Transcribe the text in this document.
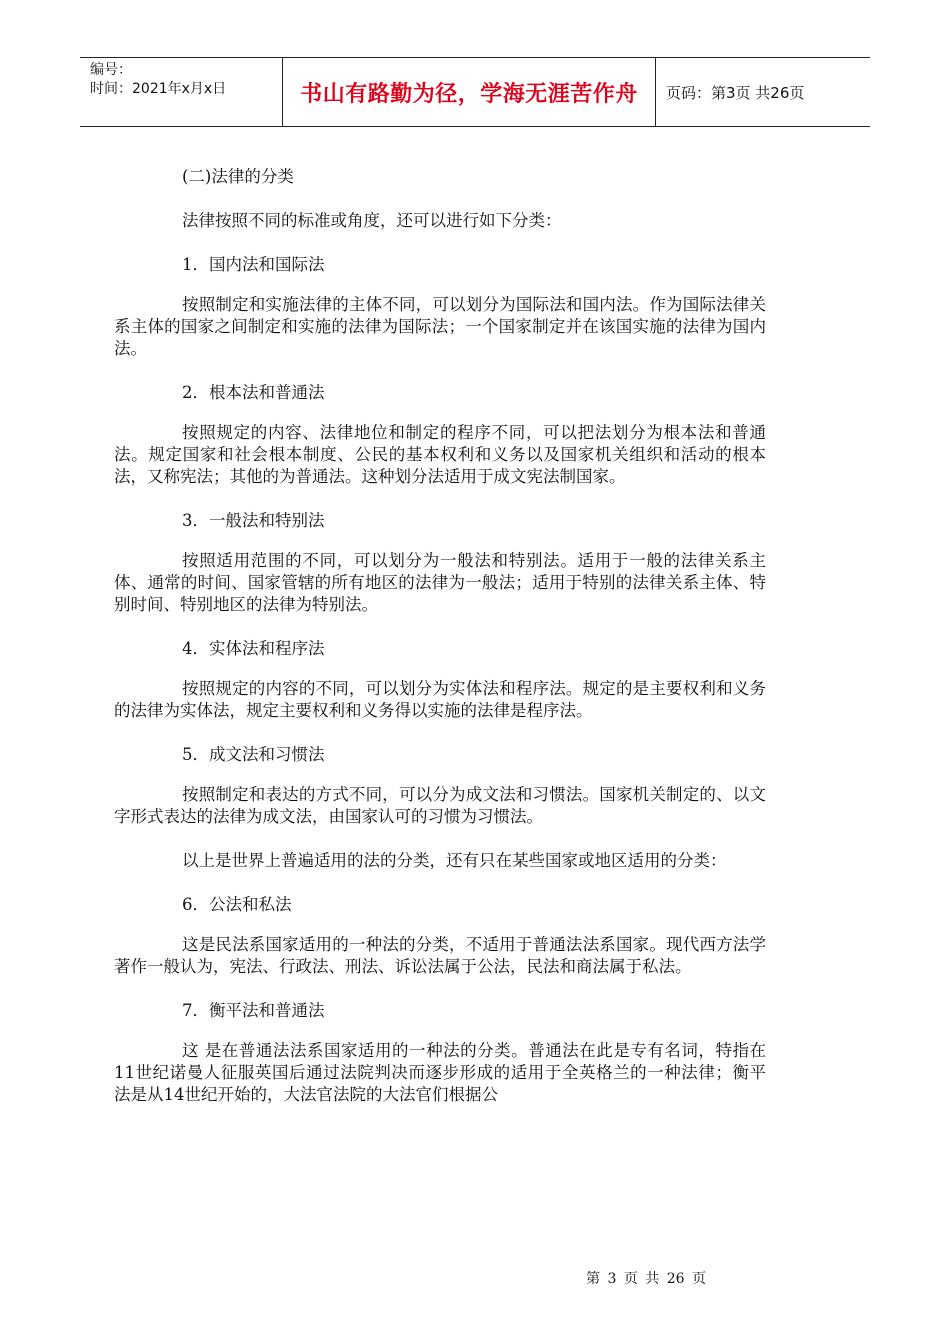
编号：
时间：2021年x月x日	书山有路勤为径，学海无涯苦作舟	页码：第3页 共26页

(二)法律的分类

法律按照不同的标准或角度，还可以进行如下分类：

1．国内法和国际法

按照制定和实施法律的主体不同，可以划分为国际法和国内法。作为国际法律关系主体的国家之间制定和实施的法律为国际法；一个国家制定并在该国实施的法律为国内法。

2．根本法和普通法

按照规定的内容、法律地位和制定的程序不同，可以把法划分为根本法和普通法。规定国家和社会根本制度、公民的基本权利和义务以及国家机关组织和活动的根本法，又称宪法；其他的为普通法。这种划分法适用于成文宪法制国家。

3．一般法和特别法

按照适用范围的不同，可以划分为一般法和特别法。适用于一般的法律关系主体、通常的时间、国家管辖的所有地区的法律为一般法；适用于特别的法律关系主体、特别时间、特别地区的法律为特别法。

4．实体法和程序法

按照规定的内容的不同，可以划分为实体法和程序法。规定的是主要权利和义务的法律为实体法，规定主要权利和义务得以实施的法律是程序法。

5．成文法和习惯法

按照制定和表达的方式不同，可以分为成文法和习惯法。国家机关制定的、以文字形式表达的法律为成文法，由国家认可的习惯为习惯法。

以上是世界上普遍适用的法的分类，还有只在某些国家或地区适用的分类：

6．公法和私法

这是民法系国家适用的一种法的分类，不适用于普通法法系国家。现代西方法学著作一般认为，宪法、行政法、刑法、诉讼法属于公法，民法和商法属于私法。

7．衡平法和普通法

这 是在普通法法系国家适用的一种法的分类。普通法在此是专有名词，特指在11世纪诺曼人征服英国后通过法院判决而逐步形成的适用于全英格兰的一种法律；衡平 法是从14世纪开始的，大法官法院的大法官们根据公

第 3 页 共 26 页
